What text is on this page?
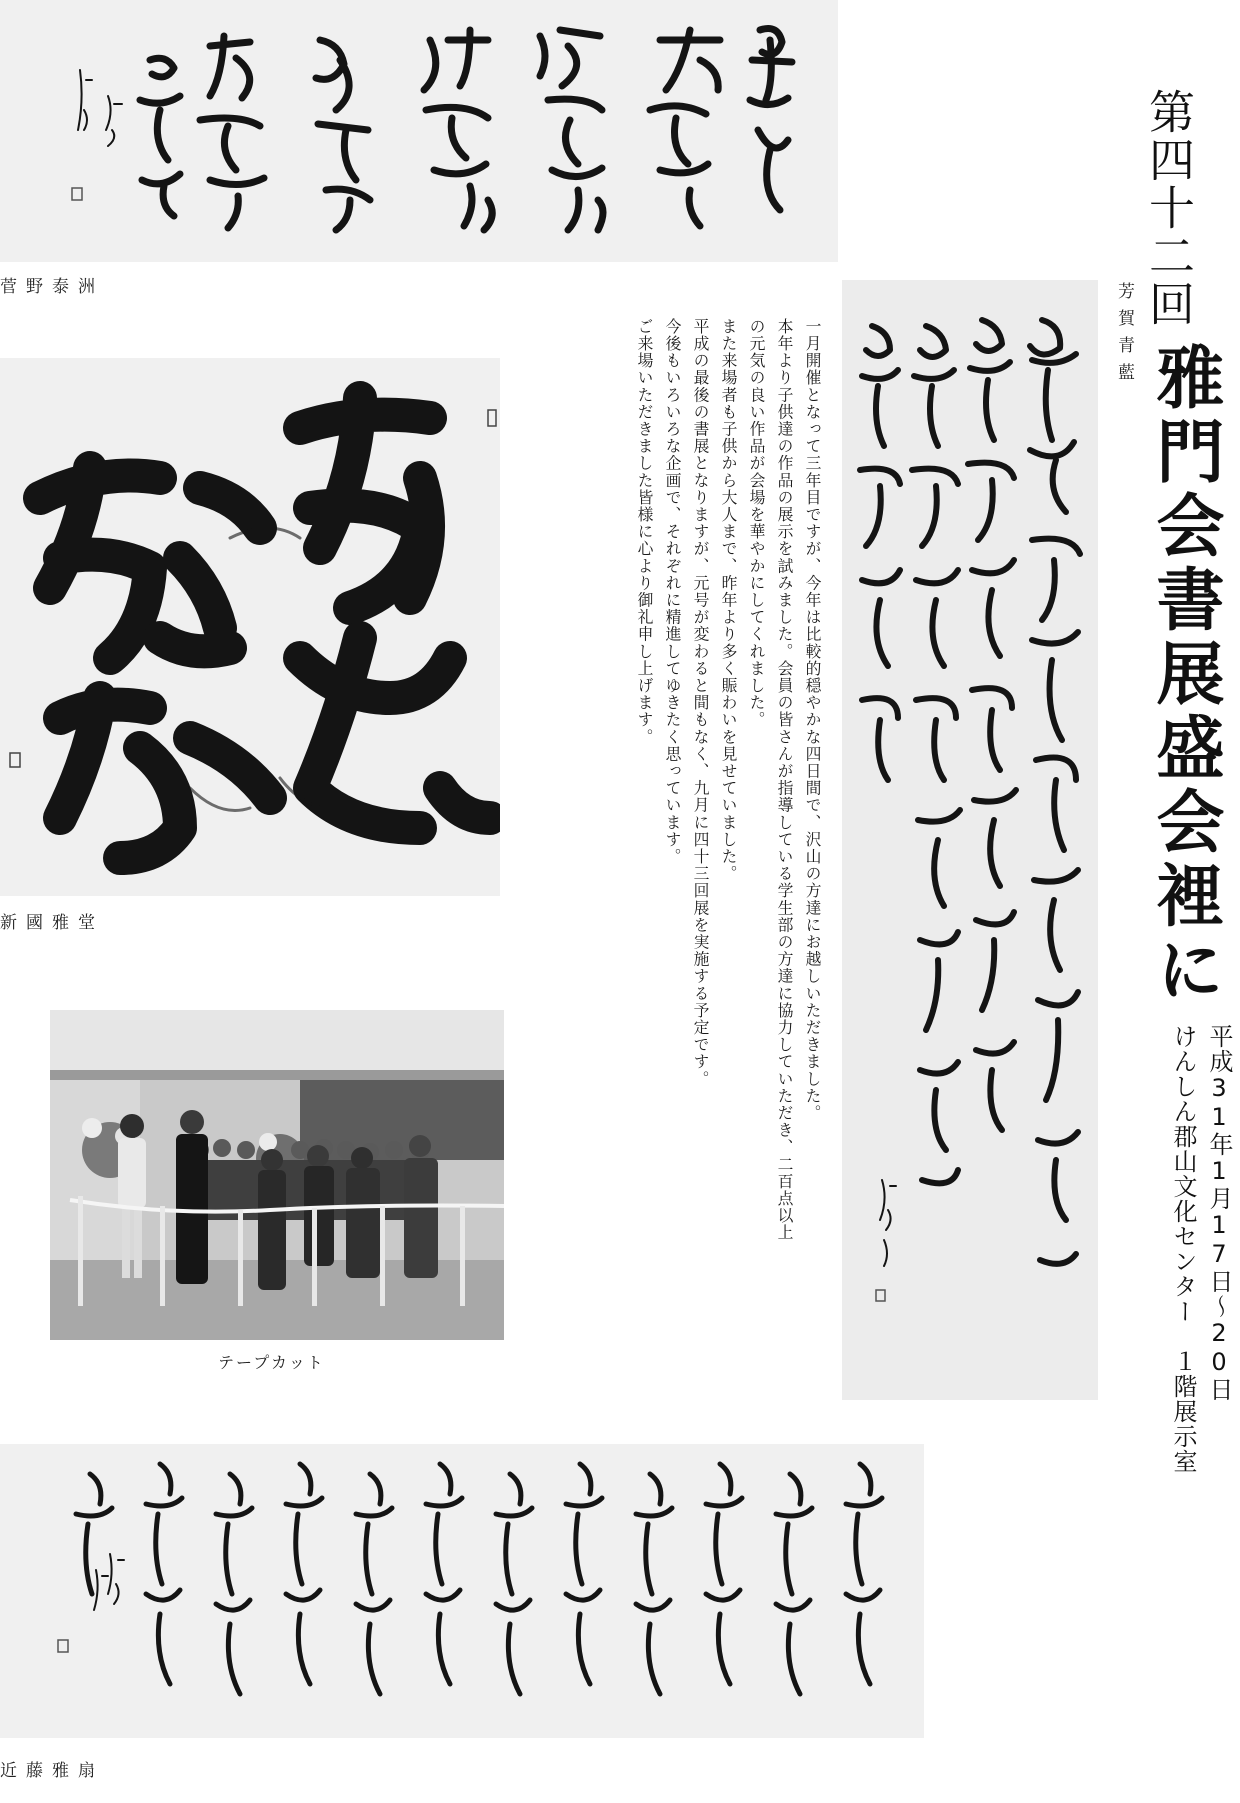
菅野泰洲	第四十二回
雅門会書展盛会裡に
平成31年1月17日～20日
けんしん郡山文化センター　１階展示室
芳賀青藍

一月開催となって三年目ですが、今年は比較的穏やかな四日間で、沢山の方達にお越しいただきました。

本年より子供達の作品の展示を試みました。会員の皆さんが指導している学生部の方達に協力していただき、二百点以上の元気の良い作品が会場を華やかにしてくれました。

また来場者も子供から大人まで、昨年より多く賑わいを見せていました。

平成の最後の書展となりますが、元号が変わると間もなく、九月に四十三回展を実施する予定です。

今後もいろいろな企画で、それぞれに精進してゆきたく思っています。

ご来場いただきました皆様に心より御礼申し上げます。

新國雅堂
テープカット
近藤雅扇
